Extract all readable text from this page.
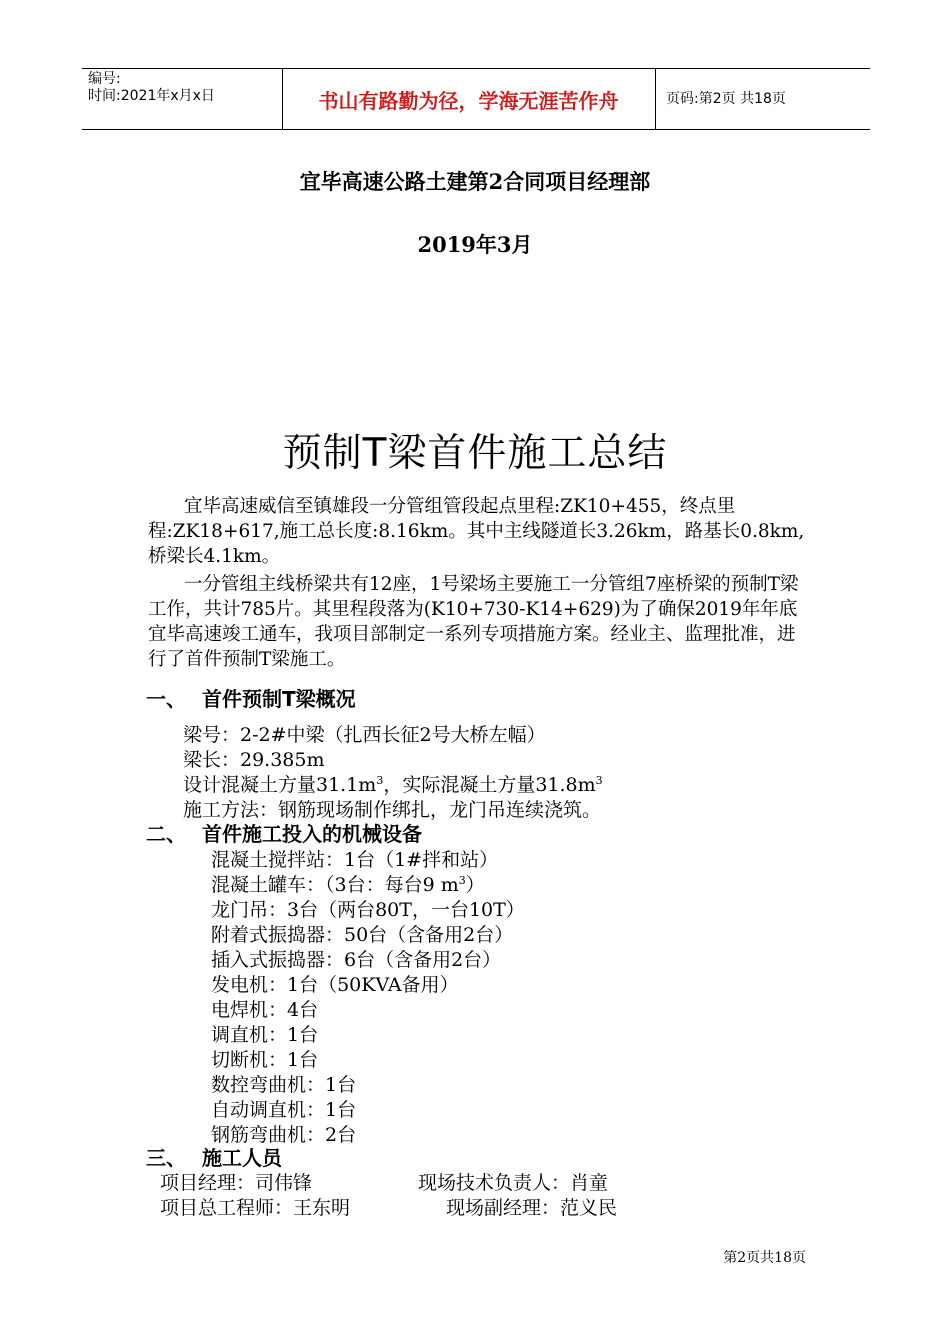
编号:
时间:2021年x月x日	书山有路勤为径，学海无涯苦作舟	页码:第2页 共18页
宜毕高速公路土建第2合同项目经理部
2019年3月
预制T梁首件施工总结
宜毕高速威信至镇雄段一分管组管段起点里程:ZK10+455，终点里程:ZK18+617,施工总长度:8.16km。其中主线隧道长3.26km，路基长0.8km,桥梁长4.1km。
一分管组主线桥梁共有12座，1号梁场主要施工一分管组7座桥梁的预制T梁工作，共计785片。其里程段落为(K10+730-K14+629)为了确保2019年年底宜毕高速竣工通车，我项目部制定一系列专项措施方案。经业主、监理批准，进行了首件预制T梁施工。
一、 首件预制T梁概况
梁号：2-2#中梁（扎西长征2号大桥左幅）
梁长：29.385m
设计混凝土方量$31.1m^3$，实际混凝土方量$31.8m^3$
施工方法：钢筋现场制作绑扎，龙门吊连续浇筑。
二、 首件施工投入的机械设备
混凝土搅拌站：1台（1#拌和站）
混凝土罐车：（3台：每台9 $m^3$）
龙门吊：3台（两台80T，一台10T）
附着式振捣器：50台（含备用2台）
插入式振捣器：6台（含备用2台）
发电机：1台（50KVA备用）
电焊机：4台
调直机：1台
切断机：1台
数控弯曲机：1台
自动调直机：1台
钢筋弯曲机：2台
三、 施工人员
项目经理：司伟锋	现场技术负责人：肖童
项目总工程师：王东明	现场副经理：范义民
第2页共18页
